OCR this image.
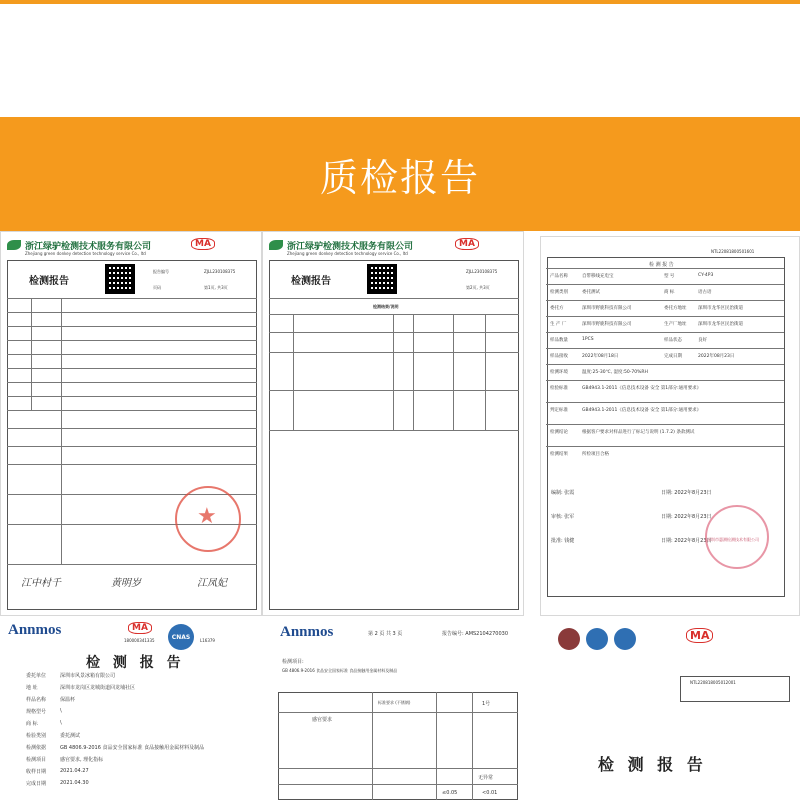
质检报告
浙江绿驴检测技术服务有限公司
Zhejiang green donkey detection technology service Co., ltd
MA
检测报告
报告编号	ZJLL230108375
页码	第1页, 共3页
★
江中村千	黄明岁	江凤妃
浙江绿驴检测技术服务有限公司
Zhejiang green donkey detection technology service Co., ltd
MA
检测报告
ZJLL230108375
第2页, 共3页
检测结果/说明
NTL22081800501601
检 测 报 告
编制: 张霞	日期: 2022年8月23日
审核: 张军	日期: 2022年8月23日
批准: 钱健	日期: 2022年8月23日
深圳市惠测检测技术有限公司
Annmos	MA
180000341335	CNAS L16379
检 测 报 告
Annmos	第 2 页 共 3 页	报告编号: AMS2104270030
检测项目:
GB 4806.9-2016 食品安全国家标准 食品接触用金属材料及制品
感官要求
标准要求 (不锈钢)	1号
无异常
≤0.05	<0.01
MA
NTL220818005012001
检 测 报 告
产品名称	自带移线充电宝	型 号	CY-4P3
检测类别	委托测试	商 标	语古语
委托方	深圳市野鹿科技有限公司	委托方地址	深圳市龙华区民治街道
生 产 厂	深圳市野鹿科技有限公司	生产厂地址	深圳市龙华区民治街道
样品数量	1PCS	样品状态	良好
样品接收	2022年08月18日	完成日期	2022年08月23日
检测环境	温度:25-30℃, 湿度:50-70%RH
检验标准	GB4943.1-2011《信息技术设备 安全 第1部分:通用要求》
判定标准	GB4943.1-2011《信息技术设备 安全 第1部分:通用要求》
检测结论	根据客户要求对样品进行了标记与说明 (1.7.2) 条款测试
检测结果	所检项目合格
委托单位	深圳市风景冰箱有限公司
地 址	深圳市龙岗区龙城街道回龙埔社区
样品名称	保温杯
规格型号	\
商 标	\
检验类别	委托测试
检测依据	GB 4806.9-2016 食品安全国家标准 食品接触用金属材料及制品
检测项目	感官要求, 理化指标
收样日期	2021.04.27
完成日期	2021.04.30
